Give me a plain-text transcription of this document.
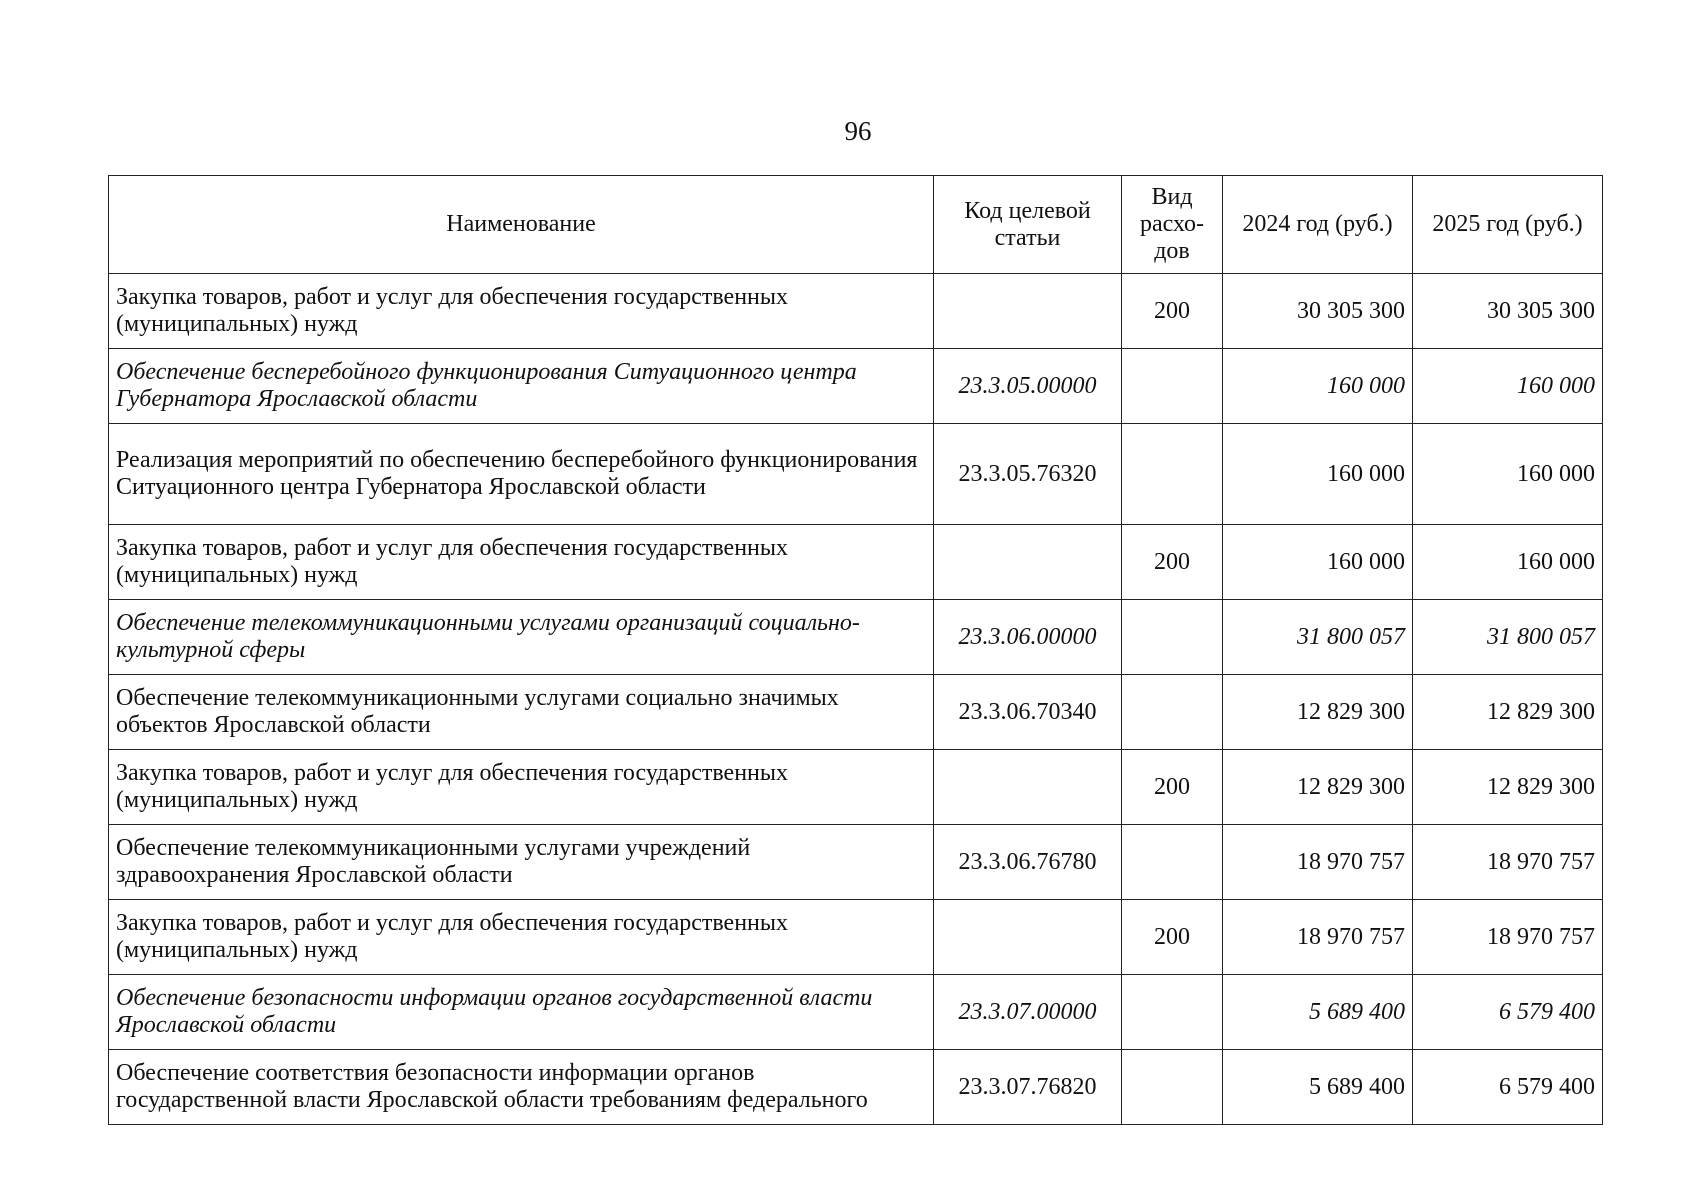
96
Наименование	Код целевой статьи	Вид расхо-дов	2024 год (руб.)	2025 год (руб.)
Закупка товаров, работ и услуг для обеспечения государственных (муниципальных) нужд		200	30 305 300	30 305 300
Обеспечение бесперебойного функционирования Ситуационного центра Губернатора Ярославской области	23.3.05.00000		160 000	160 000
Реализация мероприятий по обеспечению бесперебойного функционирования Ситуационного центра Губернатора Ярославской области	23.3.05.76320		160 000	160 000
Закупка товаров, работ и услуг для обеспечения государственных (муниципальных) нужд		200	160 000	160 000
Обеспечение телекоммуникационными услугами организаций социально-культурной сферы	23.3.06.00000		31 800 057	31 800 057
Обеспечение телекоммуникационными услугами социально значимых объектов Ярославской области	23.3.06.70340		12 829 300	12 829 300
Закупка товаров, работ и услуг для обеспечения государственных (муниципальных) нужд		200	12 829 300	12 829 300
Обеспечение телекоммуникационными услугами учреждений здравоохранения Ярославской области	23.3.06.76780		18 970 757	18 970 757
Закупка товаров, работ и услуг для обеспечения государственных (муниципальных) нужд		200	18 970 757	18 970 757
Обеспечение безопасности информации органов государственной власти Ярославской области	23.3.07.00000		5 689 400	6 579 400
Обеспечение соответствия безопасности информации органов государственной власти Ярославской области требованиям федерального	23.3.07.76820		5 689 400	6 579 400
